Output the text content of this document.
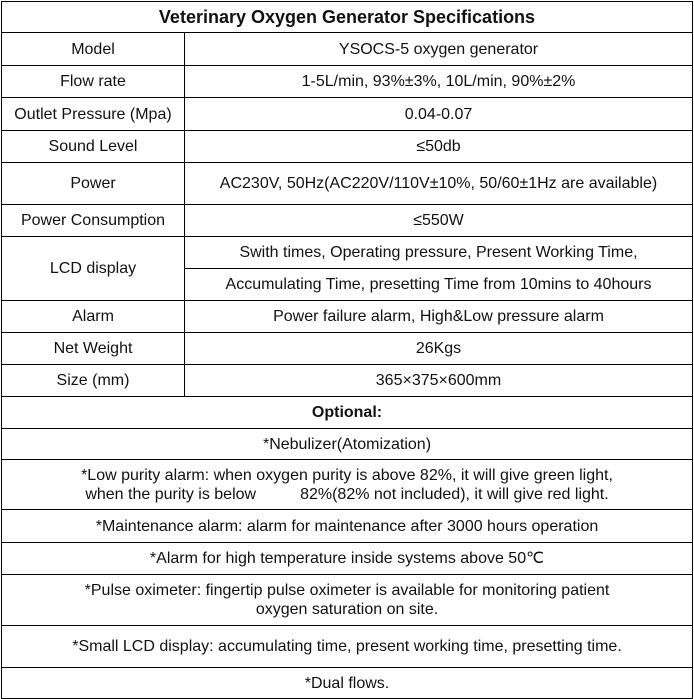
Veterinary Oxygen Generator Specifications	
Model	YSOCS-5 oxygen generator
Flow rate	1-5L/min, 93%±3%, 10L/min, 90%±2%
Outlet Pressure (Mpa)	0.04-0.07
Sound Level	≤50db
Power	AC230V, 50Hz(AC220V/110V±10%, 50/60±1Hz are available)
Power Consumption	≤550W
LCD display	Swith times, Operating pressure, Present Working Time,
	Accumulating Time, presetting Time from 10mins to 40hours
Alarm	Power failure alarm, High&Low pressure alarm
Net Weight	26Kgs
Size (mm)	365×375×600mm
Optional:	
*Nebulizer(Atomization)	

*Low purity alarm: when oxygen purity is above 82%, it will give green light,
when the purity is below 82%(82% not included), it will give red light.	

*Maintenance alarm: alarm for maintenance after 3000 hours operation	
*Alarm for high temperature inside systems above 50℃	

*Pulse oximeter: fingertip pulse oximeter is available for monitoring patient
oxygen saturation on site.	

*Small LCD display: accumulating time, present working time, presetting time.	
*Dual flows.	
